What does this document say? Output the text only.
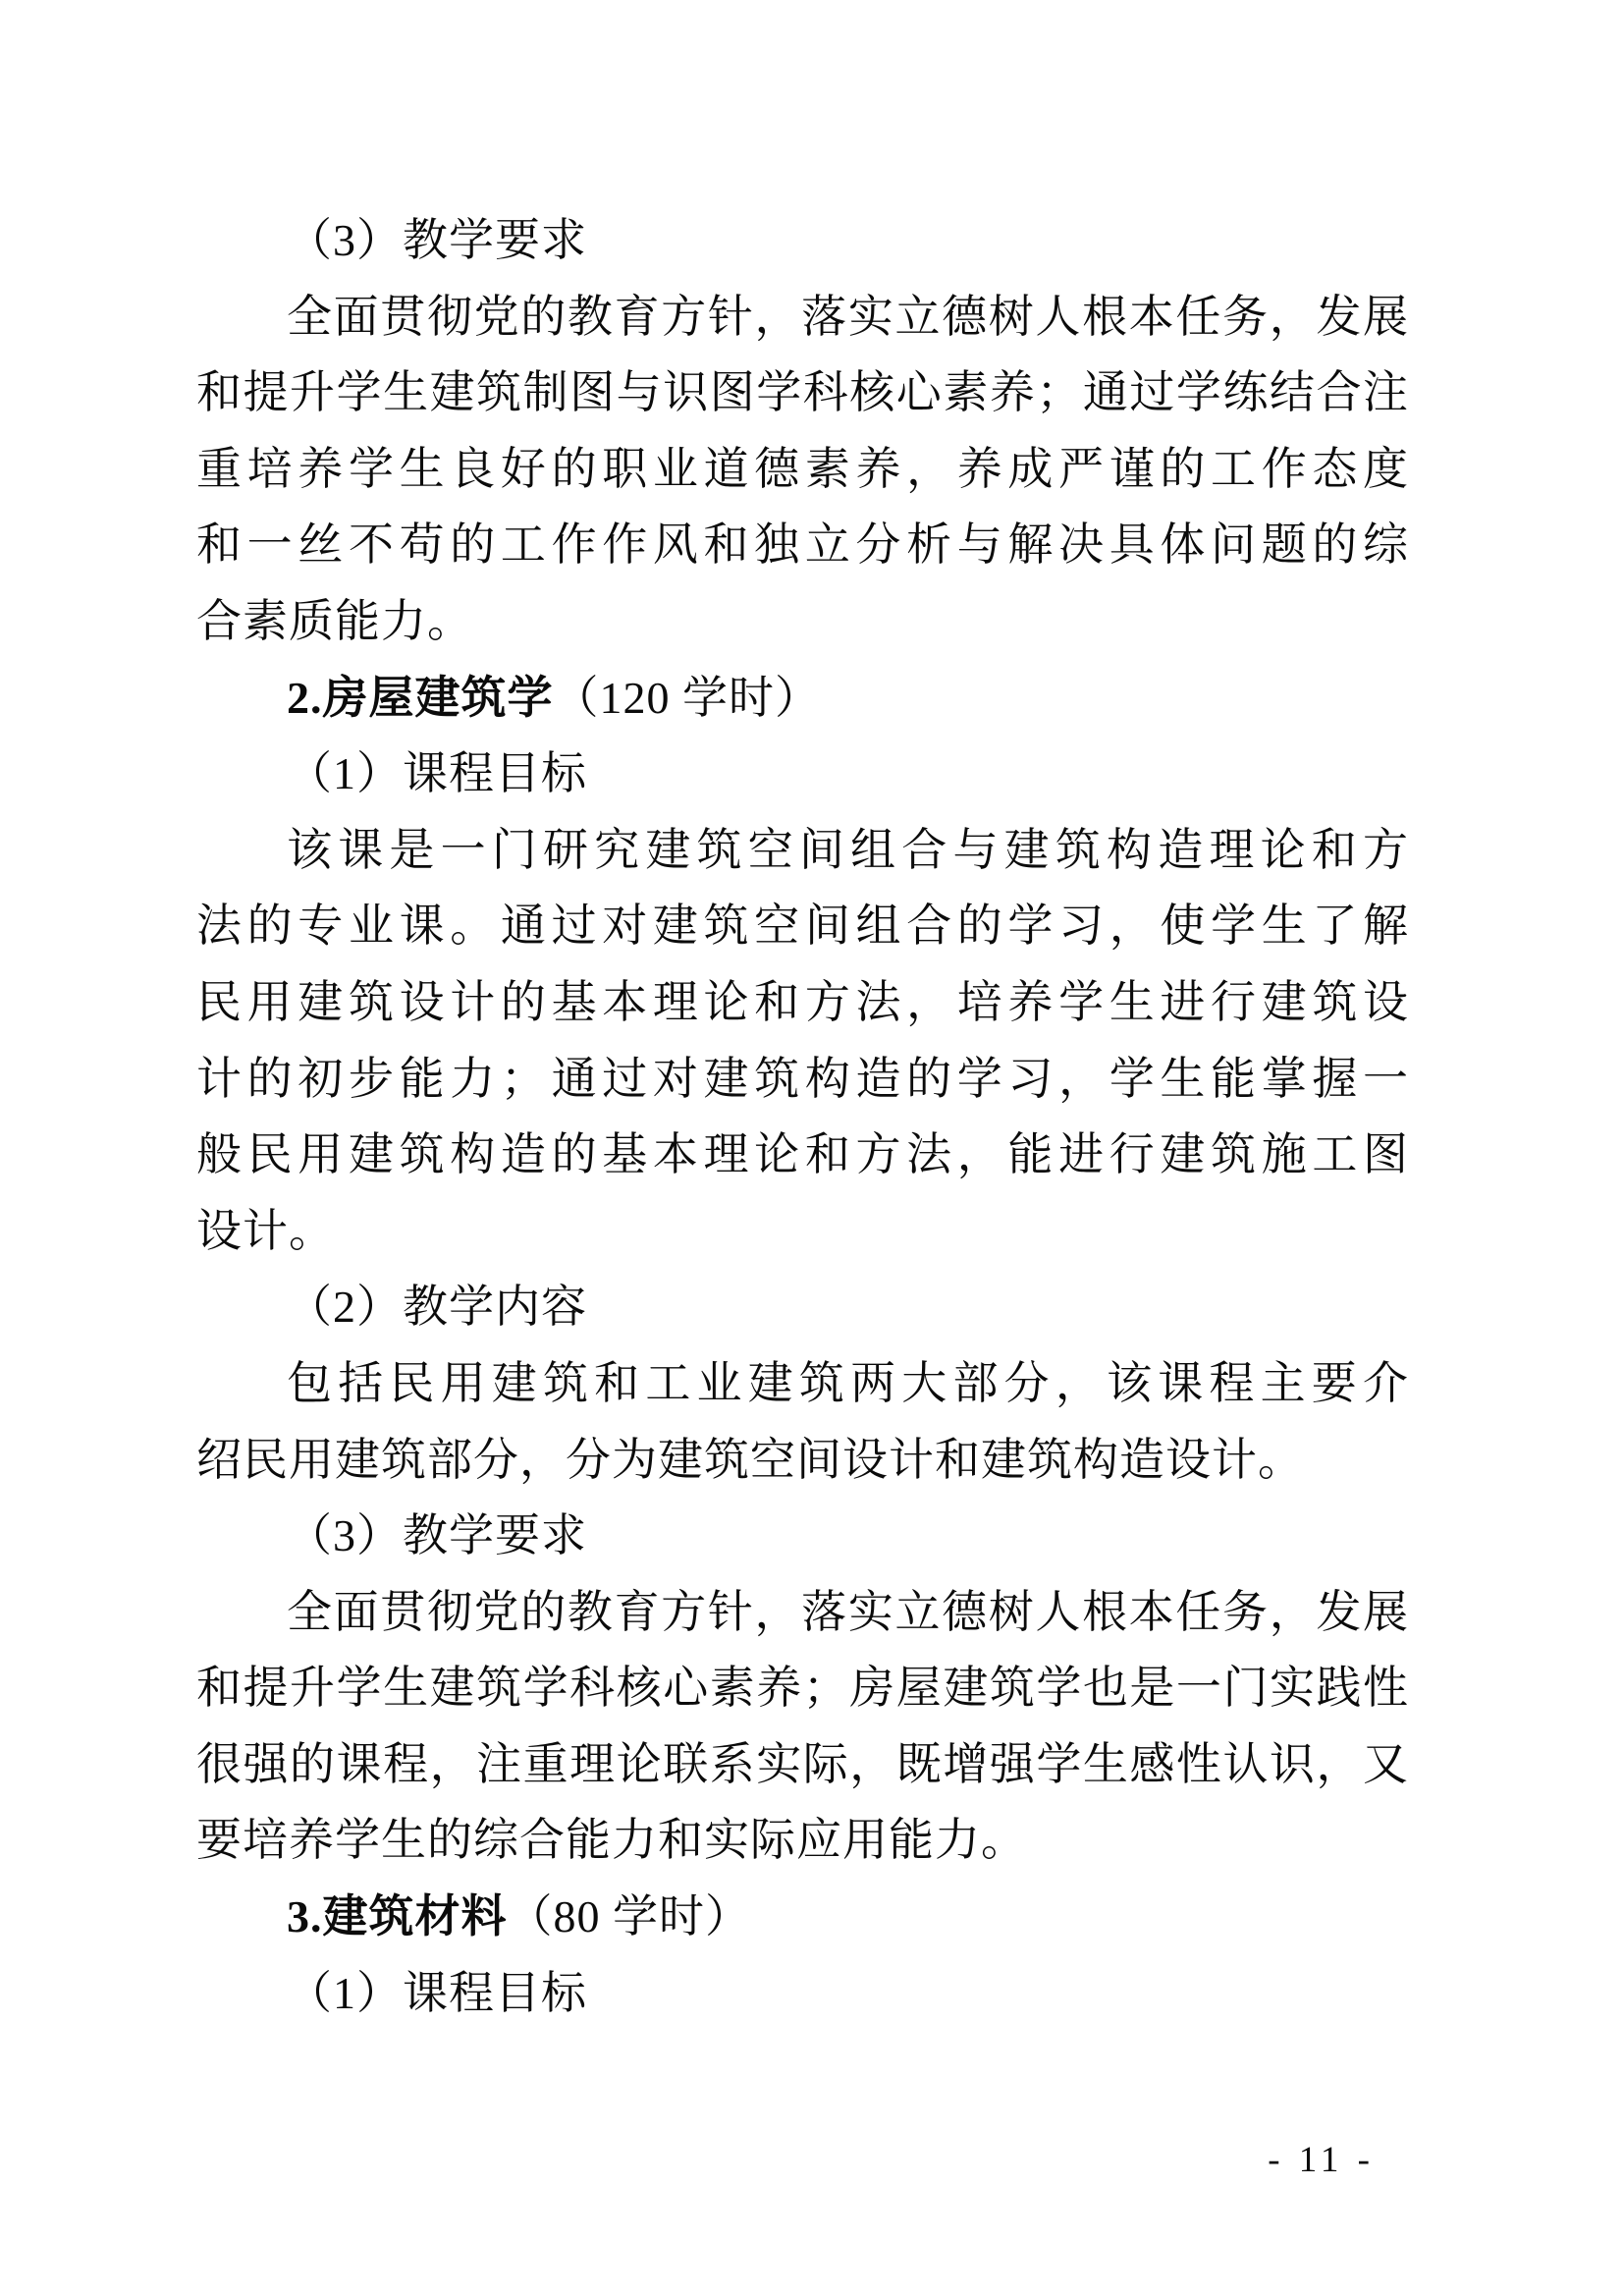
（3）教学要求
全面贯彻党的教育方针，落实立德树人根本任务，发展
和提升学生建筑制图与识图学科核心素养；通过学练结合注
重培养学生良好的职业道德素养，养成严谨的工作态度
和一丝不苟的工作作风和独立分析与解决具体问题的综
合素质能力。
2.房屋建筑学（120 学时）
（1）课程目标
该课是一门研究建筑空间组合与建筑构造理论和方
法的专业课。通过对建筑空间组合的学习，使学生了解
民用建筑设计的基本理论和方法，培养学生进行建筑设
计的初步能力；通过对建筑构造的学习，学生能掌握一
般民用建筑构造的基本理论和方法，能进行建筑施工图
设计。
（2）教学内容
包括民用建筑和工业建筑两大部分，该课程主要介
绍民用建筑部分，分为建筑空间设计和建筑构造设计。
（3）教学要求
全面贯彻党的教育方针，落实立德树人根本任务，发展
和提升学生建筑学科核心素养；房屋建筑学也是一门实践性
很强的课程，注重理论联系实际，既增强学生感性认识，又
要培养学生的综合能力和实际应用能力。
3.建筑材料（80 学时）
（1）课程目标
- 11 -
